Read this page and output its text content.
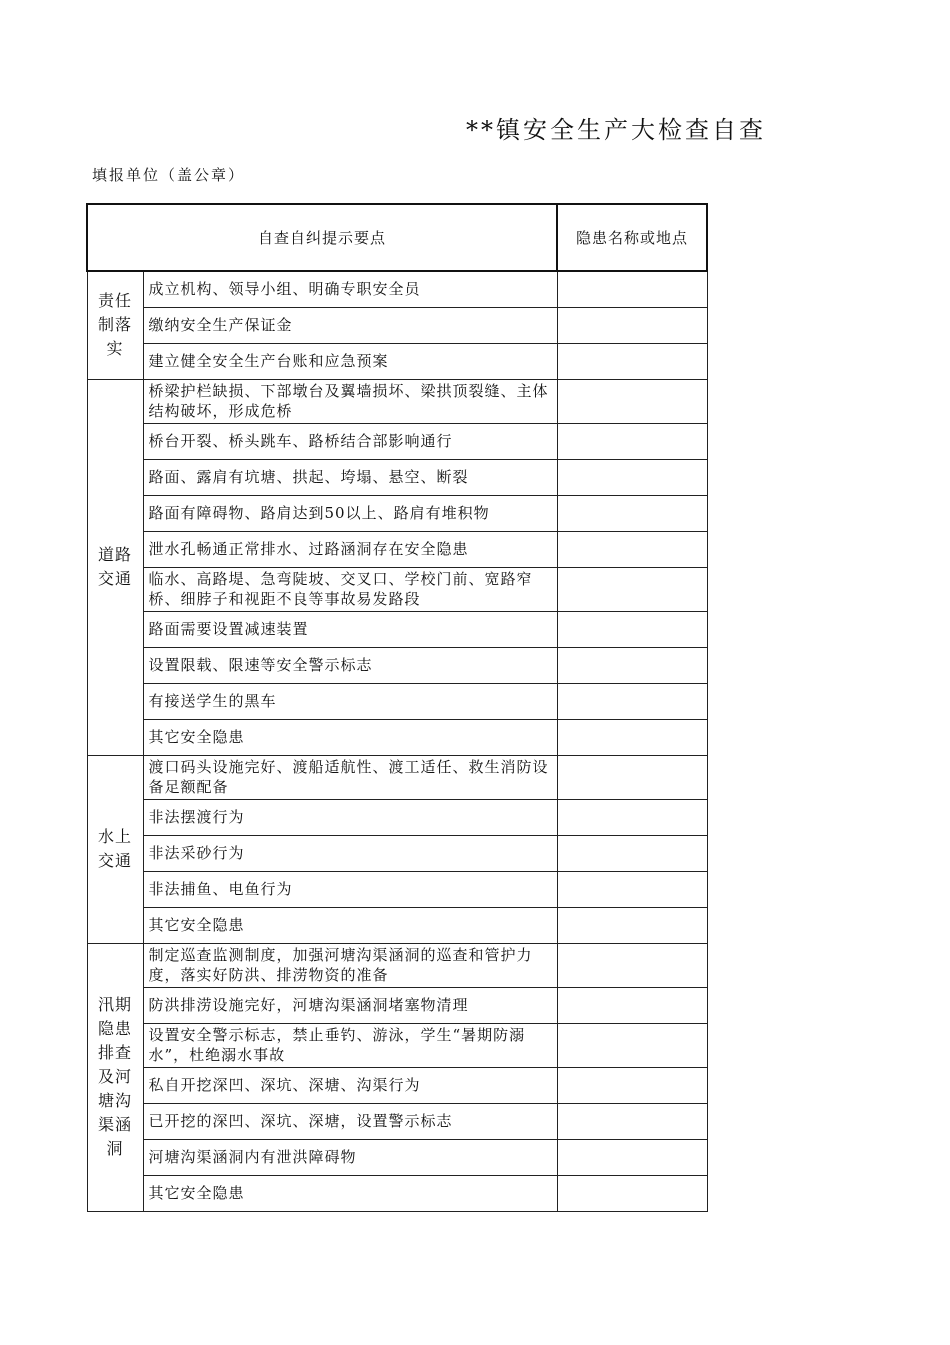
**镇安全生产大检查自查
填报单位（盖公章）
自查自纠提示要点		隐患名称或地点
责任制落实	成立机构、领导小组、明确专职安全员	
	缴纳安全生产保证金	
	建立健全安全生产台账和应急预案	
道路交通	桥梁护栏缺损、下部墩台及翼墙损坏、梁拱顶裂缝、主体结构破坏，形成危桥	
	桥台开裂、桥头跳车、路桥结合部影响通行	
	路面、露肩有坑塘、拱起、垮塌、悬空、断裂	
	路面有障碍物、路肩达到50以上、路肩有堆积物	
	泄水孔畅通正常排水、过路涵洞存在安全隐患	
	临水、高路堤、急弯陡坡、交叉口、学校门前、宽路窄桥、细脖子和视距不良等事故易发路段	
	路面需要设置减速装置	
	设置限载、限速等安全警示标志	
	有接送学生的黑车	
	其它安全隐患	
水上交通	渡口码头设施完好、渡船适航性、渡工适任、救生消防设备足额配备	
	非法摆渡行为	
	非法采砂行为	
	非法捕鱼、电鱼行为	
	其它安全隐患	
汛期隐患排查及河塘沟渠涵洞	制定巡查监测制度，加强河塘沟渠涵洞的巡查和管护力度，落实好防洪、排涝物资的准备	
	防洪排涝设施完好，河塘沟渠涵洞堵塞物清理	
	设置安全警示标志，禁止垂钓、游泳，学生“暑期防溺水”，杜绝溺水事故	
	私自开挖深凹、深坑、深塘、沟渠行为	
	已开挖的深凹、深坑、深塘，设置警示标志	
	河塘沟渠涵洞内有泄洪障碍物	
	其它安全隐患	
